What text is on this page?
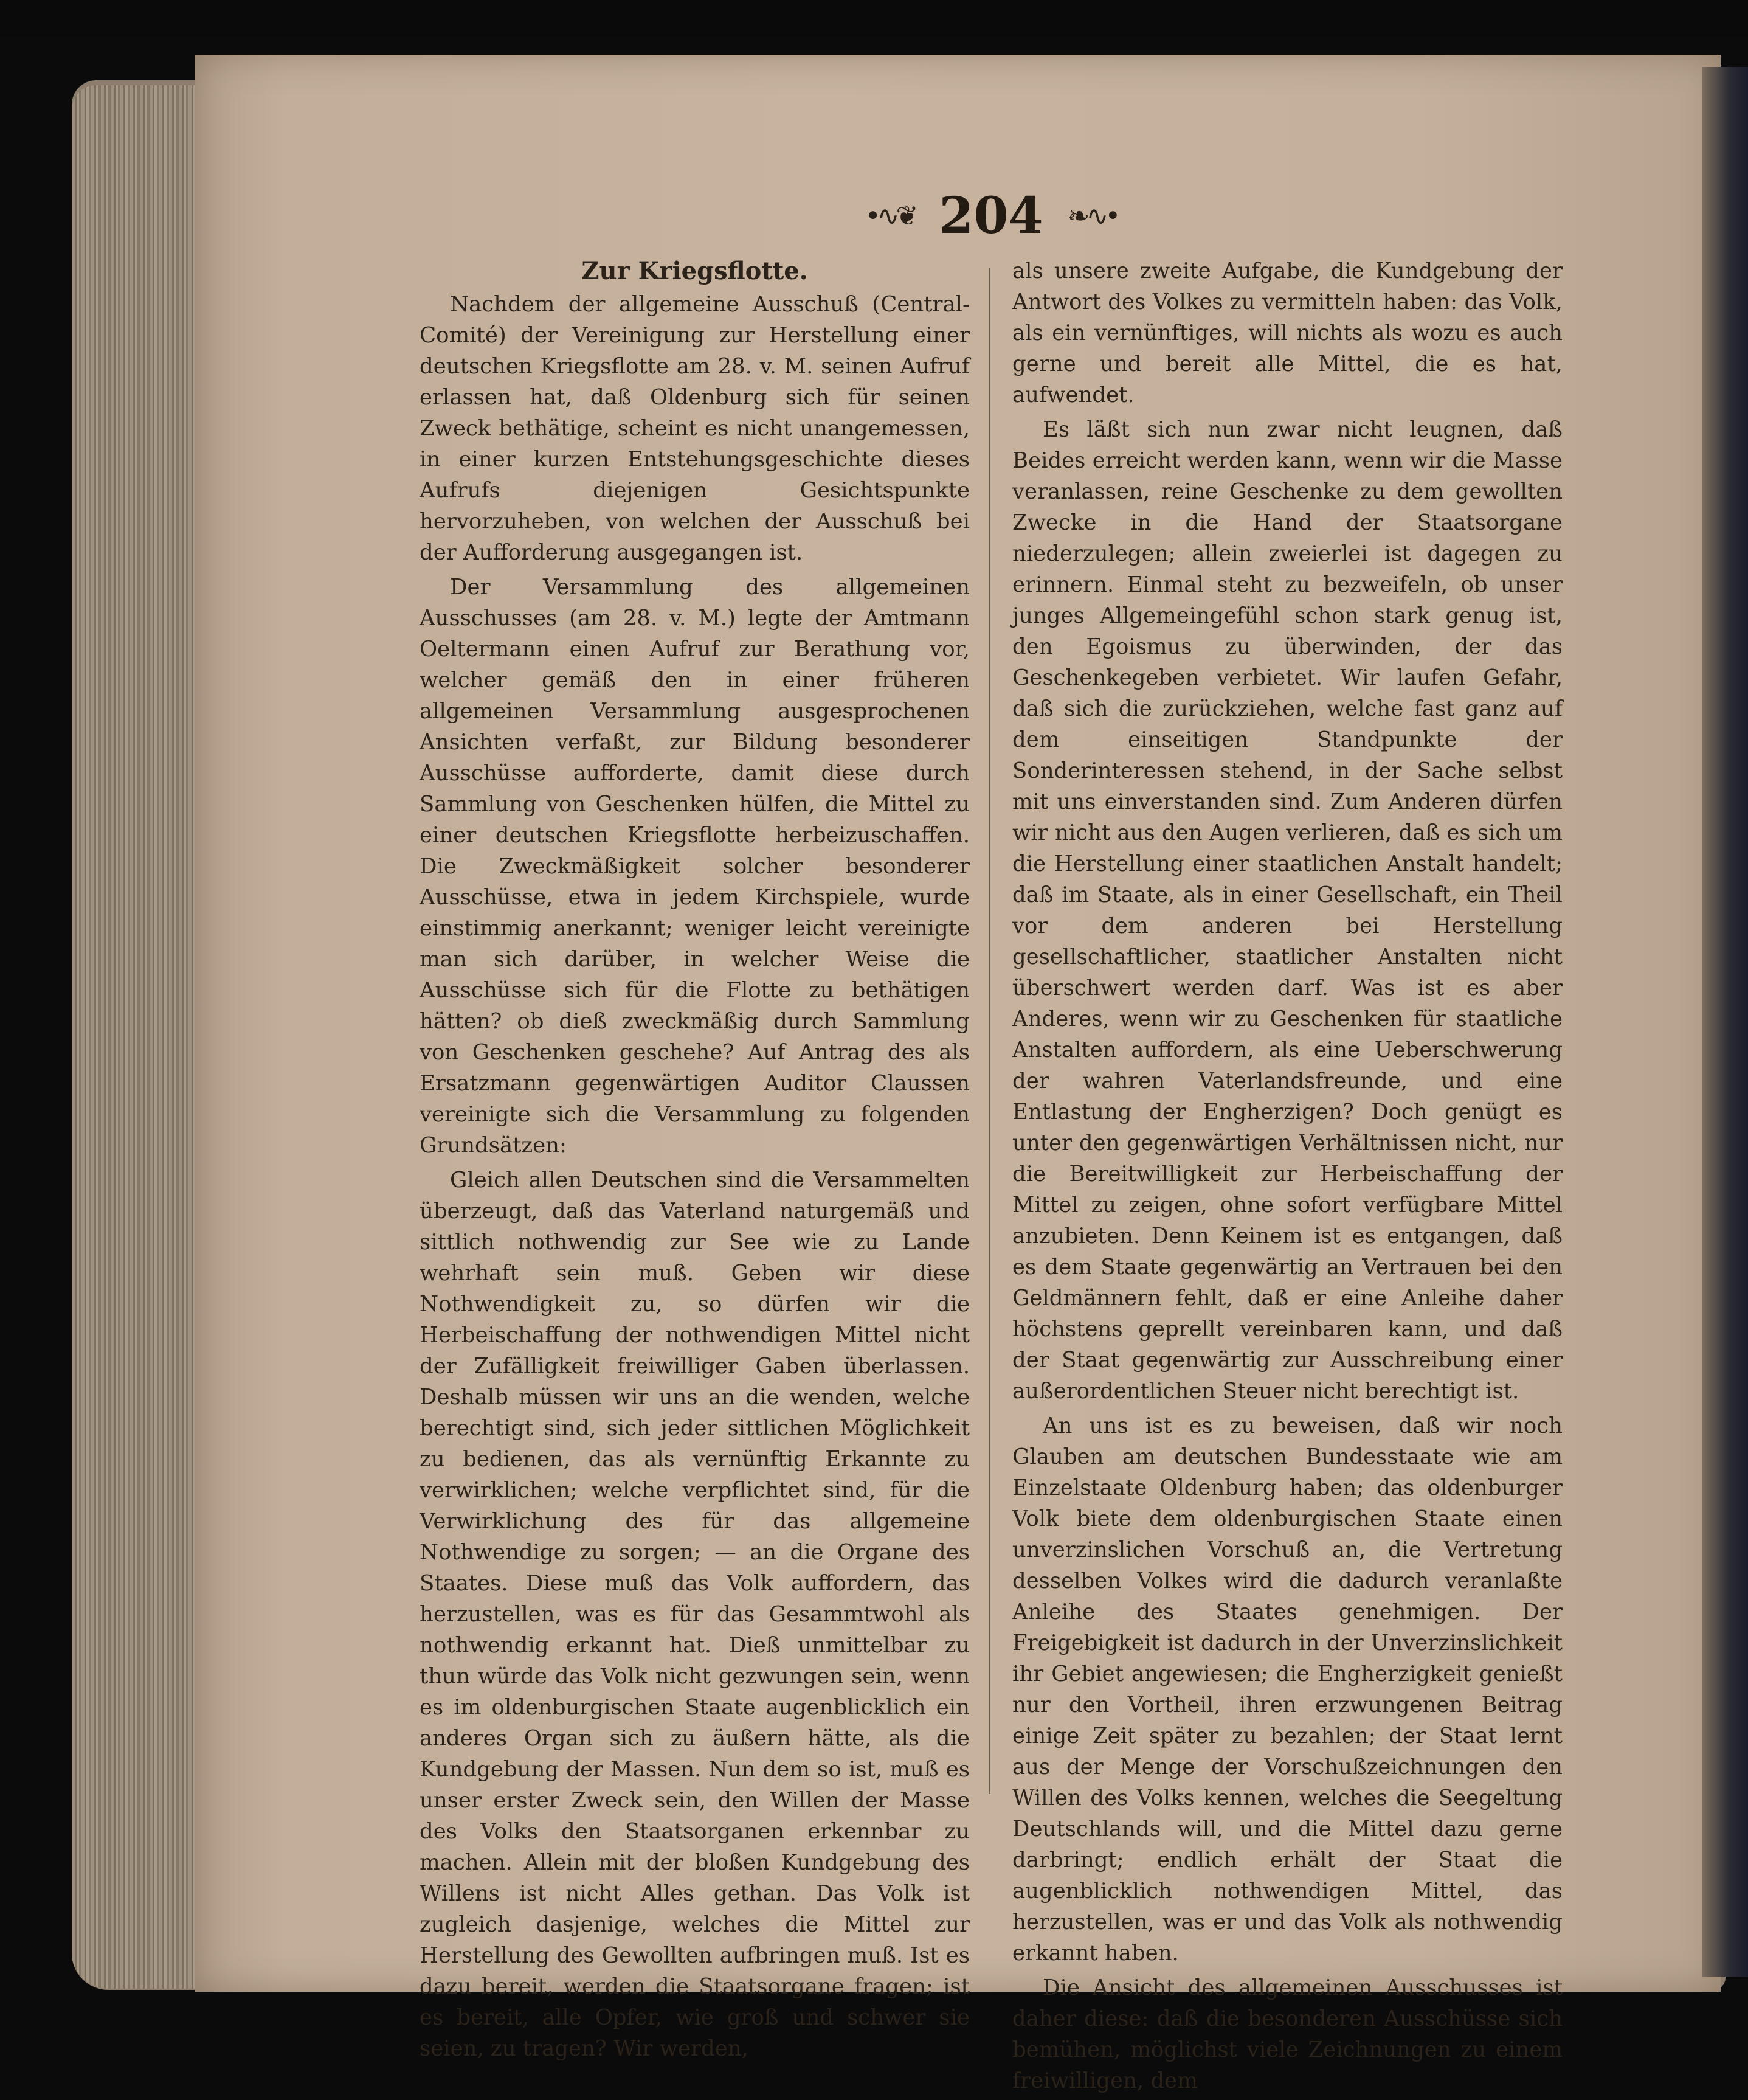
•∿❦ 204 ❧∿•

Zur Kriegsflotte.

Nachdem der allgemeine Ausschuß (Central-Comité) der Vereinigung zur Herstellung einer deutschen Kriegsflotte am 28. v. M. seinen Aufruf erlassen hat, daß Oldenburg sich für seinen Zweck bethätige, scheint es nicht unangemessen, in einer kurzen Entstehungsgeschichte dieses Aufrufs diejenigen Gesichtspunkte hervorzuheben, von welchen der Ausschuß bei der Aufforderung ausgegangen ist.

Der Versammlung des allgemeinen Ausschusses (am 28. v. M.) legte der Amtmann Oeltermann einen Aufruf zur Berathung vor, welcher gemäß den in einer früheren allgemeinen Versammlung ausgesprochenen Ansichten verfaßt, zur Bildung besonderer Ausschüsse aufforderte, damit diese durch Sammlung von Geschenken hülfen, die Mittel zu einer deutschen Kriegsflotte herbeizuschaffen. Die Zweckmäßigkeit solcher besonderer Ausschüsse, etwa in jedem Kirchspiele, wurde einstimmig anerkannt; weniger leicht vereinigte man sich darüber, in welcher Weise die Ausschüsse sich für die Flotte zu bethätigen hätten? ob dieß zweckmäßig durch Sammlung von Geschenken geschehe? Auf Antrag des als Ersatzmann gegenwärtigen Auditor Claussen vereinigte sich die Versammlung zu folgenden Grundsätzen:

Gleich allen Deutschen sind die Versammelten überzeugt, daß das Vaterland naturgemäß und sittlich nothwendig zur See wie zu Lande wehrhaft sein muß. Geben wir diese Nothwendigkeit zu, so dürfen wir die Herbeischaffung der nothwendigen Mittel nicht der Zufälligkeit freiwilliger Gaben überlassen. Deshalb müssen wir uns an die wenden, welche berechtigt sind, sich jeder sittlichen Möglichkeit zu bedienen, das als vernünftig Erkannte zu verwirklichen; welche verpflichtet sind, für die Verwirklichung des für das allgemeine Nothwendige zu sorgen; — an die Organe des Staates. Diese muß das Volk auffordern, das herzustellen, was es für das Gesammtwohl als nothwendig erkannt hat. Dieß unmittelbar zu thun würde das Volk nicht gezwungen sein, wenn es im oldenburgischen Staate augenblicklich ein anderes Organ sich zu äußern hätte, als die Kundgebung der Massen. Nun dem so ist, muß es unser erster Zweck sein, den Willen der Masse des Volks den Staatsorganen erkennbar zu machen. Allein mit der bloßen Kundgebung des Willens ist nicht Alles gethan. Das Volk ist zugleich dasjenige, welches die Mittel zur Herstellung des Gewollten aufbringen muß. Ist es dazu bereit, werden die Staatsorgane fragen; ist es bereit, alle Opfer, wie groß und schwer sie seien, zu tragen? Wir werden,

als unsere zweite Aufgabe, die Kundgebung der Antwort des Volkes zu vermitteln haben: das Volk, als ein vernünftiges, will nichts als wozu es auch gerne und bereit alle Mittel, die es hat, aufwendet.

Es läßt sich nun zwar nicht leugnen, daß Beides erreicht werden kann, wenn wir die Masse veranlassen, reine Geschenke zu dem gewollten Zwecke in die Hand der Staatsorgane niederzulegen; allein zweierlei ist dagegen zu erinnern. Einmal steht zu bezweifeln, ob unser junges Allgemeingefühl schon stark genug ist, den Egoismus zu überwinden, der das Geschenkegeben verbietet. Wir laufen Gefahr, daß sich die zurückziehen, welche fast ganz auf dem einseitigen Standpunkte der Sonderinteressen stehend, in der Sache selbst mit uns einverstanden sind. Zum Anderen dürfen wir nicht aus den Augen verlieren, daß es sich um die Herstellung einer staatlichen Anstalt handelt; daß im Staate, als in einer Gesellschaft, ein Theil vor dem anderen bei Herstellung gesellschaftlicher, staatlicher Anstalten nicht überschwert werden darf. Was ist es aber Anderes, wenn wir zu Geschenken für staatliche Anstalten auffordern, als eine Ueberschwerung der wahren Vaterlandsfreunde, und eine Entlastung der Engherzigen? Doch genügt es unter den gegenwärtigen Verhältnissen nicht, nur die Bereitwilligkeit zur Herbeischaffung der Mittel zu zeigen, ohne sofort verfügbare Mittel anzubieten. Denn Keinem ist es entgangen, daß es dem Staate gegenwärtig an Vertrauen bei den Geldmännern fehlt, daß er eine Anleihe daher höchstens geprellt vereinbaren kann, und daß der Staat gegenwärtig zur Ausschreibung einer außerordentlichen Steuer nicht berechtigt ist.

An uns ist es zu beweisen, daß wir noch Glauben am deutschen Bundesstaate wie am Einzelstaate Oldenburg haben; das oldenburger Volk biete dem oldenburgischen Staate einen unverzinslichen Vorschuß an, die Vertretung desselben Volkes wird die dadurch veranlaßte Anleihe des Staates genehmigen. Der Freigebigkeit ist dadurch in der Unverzinslichkeit ihr Gebiet angewiesen; die Engherzigkeit genießt nur den Vortheil, ihren erzwungenen Beitrag einige Zeit später zu bezahlen; der Staat lernt aus der Menge der Vorschußzeichnungen den Willen des Volks kennen, welches die Seegeltung Deutschlands will, und die Mittel dazu gerne darbringt; endlich erhält der Staat die augenblicklich nothwendigen Mittel, das herzustellen, was er und das Volk als nothwendig erkannt haben.

Die Ansicht des allgemeinen Ausschusses ist daher diese: daß die besonderen Ausschüsse sich bemühen, möglichst viele Zeichnungen zu einem freiwilligen, dem
